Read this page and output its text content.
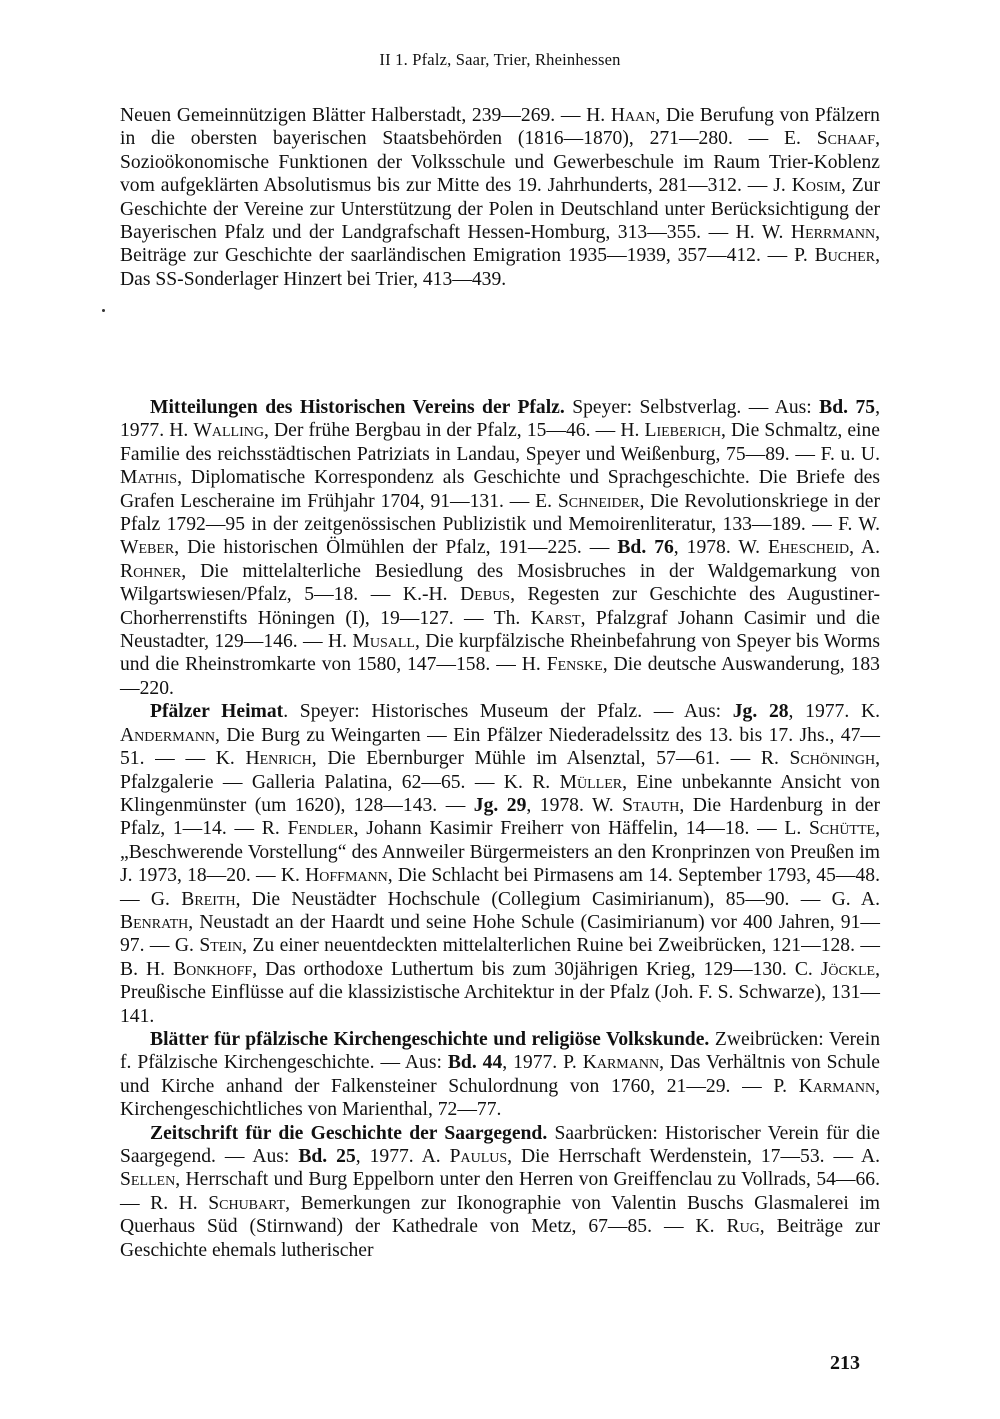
II 1. Pfalz, Saar, Trier, Rheinhessen

Neuen Gemeinnützigen Blätter Halberstadt, 239—269. — H. Haan, Die Berufung von Pfälzern in die obersten bayerischen Staatsbehörden (1816—1870), 271—280. — E. Schaaf, Sozioökonomische Funktionen der Volksschule und Gewerbeschule im Raum Trier-Koblenz vom aufgeklärten Absolutismus bis zur Mitte des 19. Jahrhunderts, 281—312. — J. Kosim, Zur Geschichte der Vereine zur Unterstützung der Polen in Deutschland unter Berücksichtigung der Bayerischen Pfalz und der Landgrafschaft Hessen-Homburg, 313—355. — H. W. Herrmann, Beiträge zur Geschichte der saarländischen Emigration 1935—1939, 357—412. — P. Bucher, Das SS-Sonderlager Hinzert bei Trier, 413—439.

Mitteilungen des Historischen Vereins der Pfalz. Speyer: Selbstverlag. — Aus: Bd. 75, 1977. H. Walling, Der frühe Bergbau in der Pfalz, 15—46. — H. Lieberich, Die Schmaltz, eine Familie des reichsstädtischen Patriziats in Landau, Speyer und Weißenburg, 75—89. — F. u. U. Mathis, Diplomatische Korrespondenz als Geschichte und Sprachgeschichte. Die Briefe des Grafen Lescheraine im Frühjahr 1704, 91—131. — E. Schneider, Die Revolutionskriege in der Pfalz 1792—95 in der zeitgenössischen Publizistik und Memoirenliteratur, 133—189. — F. W. Weber, Die historischen Ölmühlen der Pfalz, 191—225. — Bd. 76, 1978. W. Ehescheid, A. Rohner, Die mittelalterliche Besiedlung des Mosisbruches in der Waldgemarkung von Wilgartswiesen/Pfalz, 5—18. — K.-H. Debus, Regesten zur Geschichte des Augustiner-Chorherrenstifts Höningen (I), 19—127. — Th. Karst, Pfalzgraf Johann Casimir und die Neustadter, 129—146. — H. Musall, Die kurpfälzische Rheinbefahrung von Speyer bis Worms und die Rheinstromkarte von 1580, 147—158. — H. Fenske, Die deutsche Auswanderung, 183—220.

Pfälzer Heimat. Speyer: Historisches Museum der Pfalz. — Aus: Jg. 28, 1977. K. Andermann, Die Burg zu Weingarten — Ein Pfälzer Niederadelssitz des 13. bis 17. Jhs., 47—51. — — K. Henrich, Die Ebernburger Mühle im Alsenztal, 57—61. — R. Schöningh, Pfalzgalerie — Galleria Palatina, 62—65. — K. R. Müller, Eine unbekannte Ansicht von Klingenmünster (um 1620), 128—143. — Jg. 29, 1978. W. Stauth, Die Hardenburg in der Pfalz, 1—14. — R. Fendler, Johann Kasimir Freiherr von Häffelin, 14—18. — L. Schütte, „Beschwerende Vorstellung“ des Annweiler Bürgermeisters an den Kronprinzen von Preußen im J. 1973, 18—20. — K. Hoffmann, Die Schlacht bei Pirmasens am 14. September 1793, 45—48. — G. Breith, Die Neustädter Hochschule (Collegium Casimirianum), 85—90. — G. A. Benrath, Neustadt an der Haardt und seine Hohe Schule (Casimirianum) vor 400 Jahren, 91—97. — G. Stein, Zu einer neuentdeckten mittelalterlichen Ruine bei Zweibrücken, 121—128. — B. H. Bonkhoff, Das orthodoxe Luthertum bis zum 30jährigen Krieg, 129—130. C. Jöckle, Preußische Einflüsse auf die klassizistische Architektur in der Pfalz (Joh. F. S. Schwarze), 131—141.

Blätter für pfälzische Kirchengeschichte und religiöse Volkskunde. Zweibrücken: Verein f. Pfälzische Kirchengeschichte. — Aus: Bd. 44, 1977. P. Karmann, Das Verhältnis von Schule und Kirche anhand der Falkensteiner Schulordnung von 1760, 21—29. — P. Karmann, Kirchengeschichtliches von Marienthal, 72—77.

Zeitschrift für die Geschichte der Saargegend. Saarbrücken: Historischer Verein für die Saargegend. — Aus: Bd. 25, 1977. A. Paulus, Die Herrschaft Werdenstein, 17—53. — A. Sellen, Herrschaft und Burg Eppelborn unter den Herren von Greiffenclau zu Vollrads, 54—66. — R. H. Schubart, Bemerkungen zur Ikonographie von Valentin Buschs Glasmalerei im Querhaus Süd (Stirnwand) der Kathedrale von Metz, 67—85. — K. Rug, Beiträge zur Geschichte ehemals lutherischer

213
